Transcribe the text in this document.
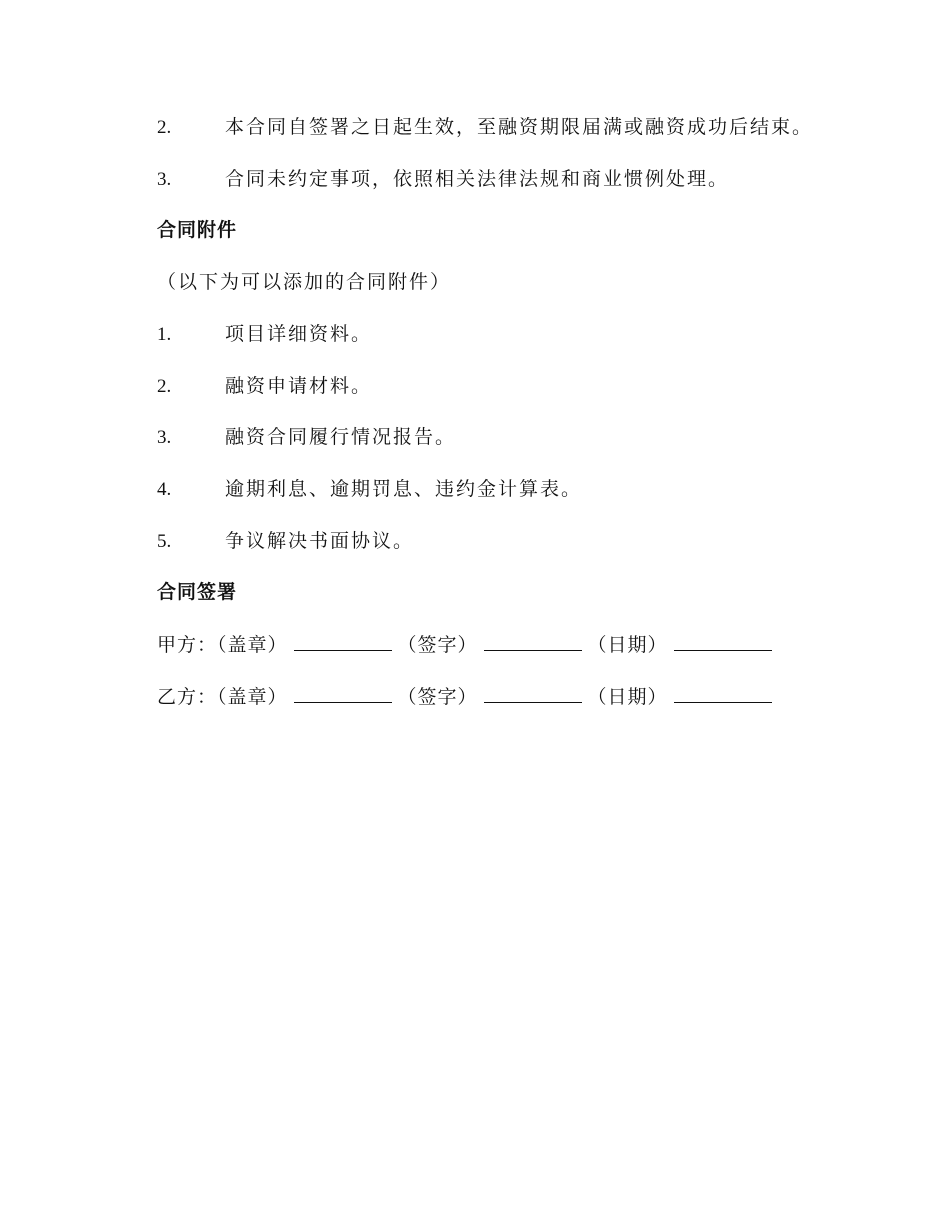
2.	本合同自签署之日起生效，至融资期限届满或融资成功后结束。
3.	合同未约定事项，依照相关法律法规和商业惯例处理。
合同附件
（以下为可以添加的合同附件）
1.	项目详细资料。
2.	融资申请材料。
3.	融资合同履行情况报告。
4.	逾期利息、逾期罚息、违约金计算表。
5.	争议解决书面协议。
合同签署
甲方：（盖章）	（签字）	（日期）
乙方：（盖章）	（签字）	（日期）
